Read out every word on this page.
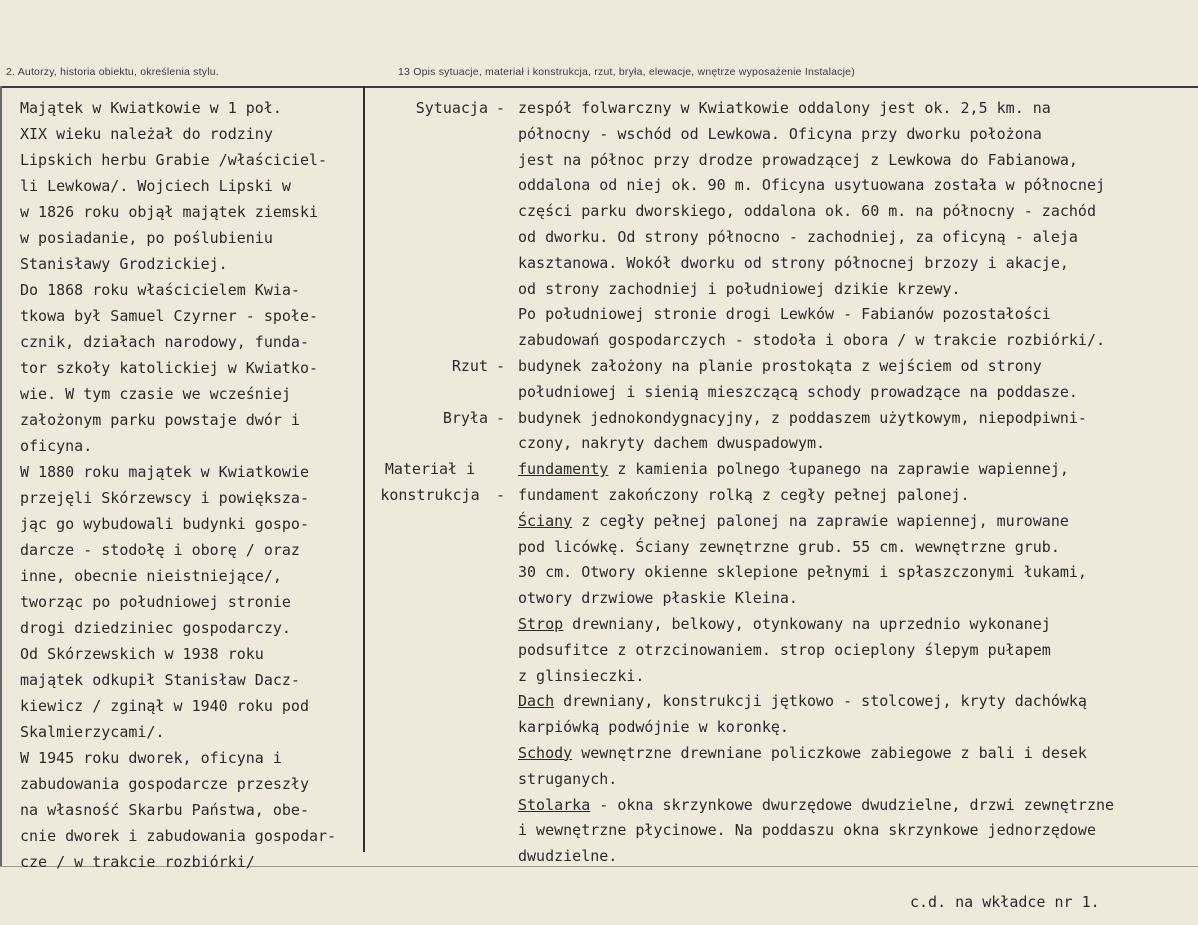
2. Autorzy, historia obiektu, określenia stylu.	13 Opis sytuacje, materiał i konstrukcja, rzut, bryła, elewacje, wnętrze wyposażenie Instalacje)
Majątek w Kwiatkowie w 1 poł.
XIX wieku należał do rodziny
Lipskich herbu Grabie /właściciel-
li Lewkowa/. Wojciech Lipski w
w 1826 roku objął majątek ziemski
w posiadanie, po poślubieniu
Stanisławy Grodzickiej.
Do 1868 roku właścicielem Kwia-
tkowa był Samuel Czyrner - społe-
cznik, działach narodowy, funda-
tor szkoły katolickiej w Kwiatko-
wie. W tym czasie we wcześniej
założonym parku powstaje dwór i
oficyna.
W 1880 roku majątek w Kwiatkowie
przejęli Skórzewscy i powiększa-
jąc go wybudowali budynki gospo-
darcze - stodołę i oborę / oraz
inne, obecnie nieistniejące/,
tworząc po południowej stronie
drogi dziedziniec gospodarczy.
Od Skórzewskich w 1938 roku
majątek odkupił Stanisław Dacz-
kiewicz / zginął w 1940 roku pod
Skalmierzycami/.
W 1945 roku dworek, oficyna i
zabudowania gospodarcze przeszły
na własność Skarbu Państwa, obe-
cnie dworek i zabudowania gospodar-
cze / w trakcie rozbiórki/
Sytuacja - zespół folwarczny w Kwiatkowie oddalony jest ok. 2,5 km. na
północny - wschód od Lewkowa. Oficyna przy dworku położona
jest na północ przy drodze prowadzącej z Lewkowa do Fabianowa,
oddalona od niej ok. 90 m. Oficyna usytuowana została w północnej
części parku dworskiego, oddalona ok. 60 m. na północny - zachód
od dworku. Od strony północno - zachodniej, za oficyną - aleja
kasztanowa. Wokół dworku od strony północnej brzozy i akacje,
od strony zachodniej i południowej dzikie krzewy.
Po południowej stronie drogi Lewków - Fabianów pozostałości
zabudowań gospodarczych - stodoła i obora / w trakcie rozbiórki/.
Rzut - budynek założony na planie prostokąta z wejściem od strony
południowej i sienią mieszczącą schody prowadzące na poddasze.
Bryła - budynek jednokondygnacyjny, z poddaszem użytkowym, niepodpiwni-
czony, nakryty dachem dwuspadowym.
Materiał i	fundamenty z kamienia polnego łupanego na zaprawie wapiennej,
konstrukcja	- fundament zakończony rolką z cegły pełnej palonej.
Ściany z cegły pełnej palonej na zaprawie wapiennej, murowane
pod licówkę. Ściany zewnętrzne grub. 55 cm. wewnętrzne grub.
30 cm. Otwory okienne sklepione pełnymi i spłaszczonymi łukami,
otwory drzwiowe płaskie Kleina.
Strop drewniany, belkowy, otynkowany na uprzednio wykonanej
podsufitce z otrzcinowaniem. strop ocieplony ślepym pułapem
z glinsieczki.
Dach drewniany, konstrukcji jętkowo - stolcowej, kryty dachówką
karpiówką podwójnie w koronkę.
Schody wewnętrzne drewniane policzkowe zabiegowe z bali i desek
struganych.
Stolarka - okna skrzynkowe dwurzędowe dwudzielne, drzwi zewnętrzne
i wewnętrzne płycinowe. Na poddaszu okna skrzynkowe jednorzędowe
dwudzielne.
c.d. na wkładce nr 1.
